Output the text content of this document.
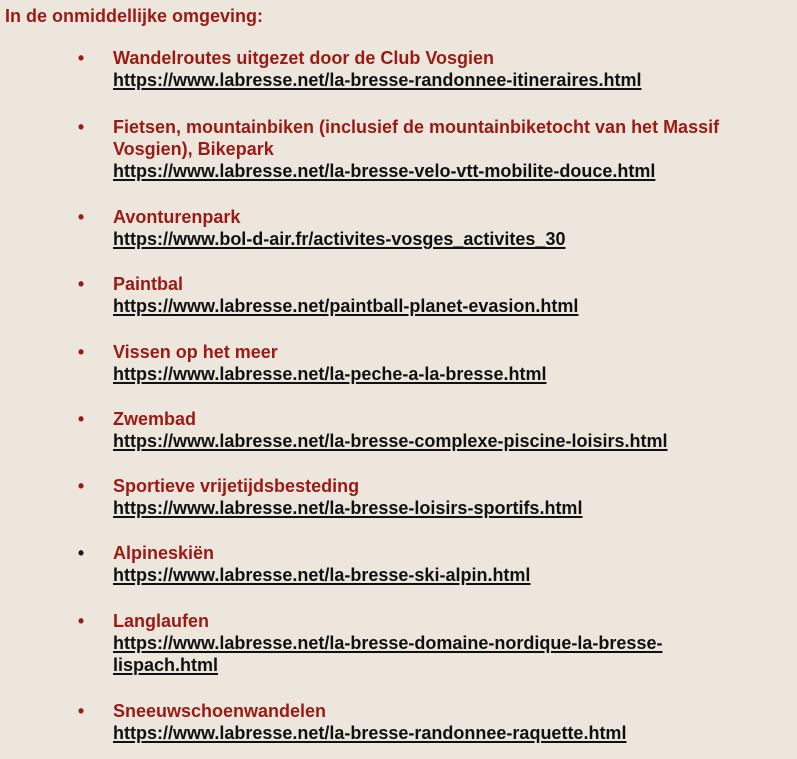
In de onmiddellijke omgeving:
• Wandelroutes uitgezet door de Club Vosgien
https://www.labresse.net/la-bresse-randonnee-itineraires.html
• Fietsen, mountainbiken (inclusief de mountainbiketocht van het Massif Vosgien), Bikepark
https://www.labresse.net/la-bresse-velo-vtt-mobilite-douce.html
• Avonturenpark
https://www.bol-d-air.fr/activites-vosges_activites_30
• Paintbal
https://www.labresse.net/paintball-planet-evasion.html
• Vissen op het meer
https://www.labresse.net/la-peche-a-la-bresse.html
• Zwembad
https://www.labresse.net/la-bresse-complexe-piscine-loisirs.html
• Sportieve vrijetijdsbesteding
https://www.labresse.net/la-bresse-loisirs-sportifs.html
• Alpineskiën
https://www.labresse.net/la-bresse-ski-alpin.html
• Langlaufen
https://www.labresse.net/la-bresse-domaine-nordique-la-bresse-lispach.html
• Sneeuwschoenwandelen
https://www.labresse.net/la-bresse-randonnee-raquette.html
